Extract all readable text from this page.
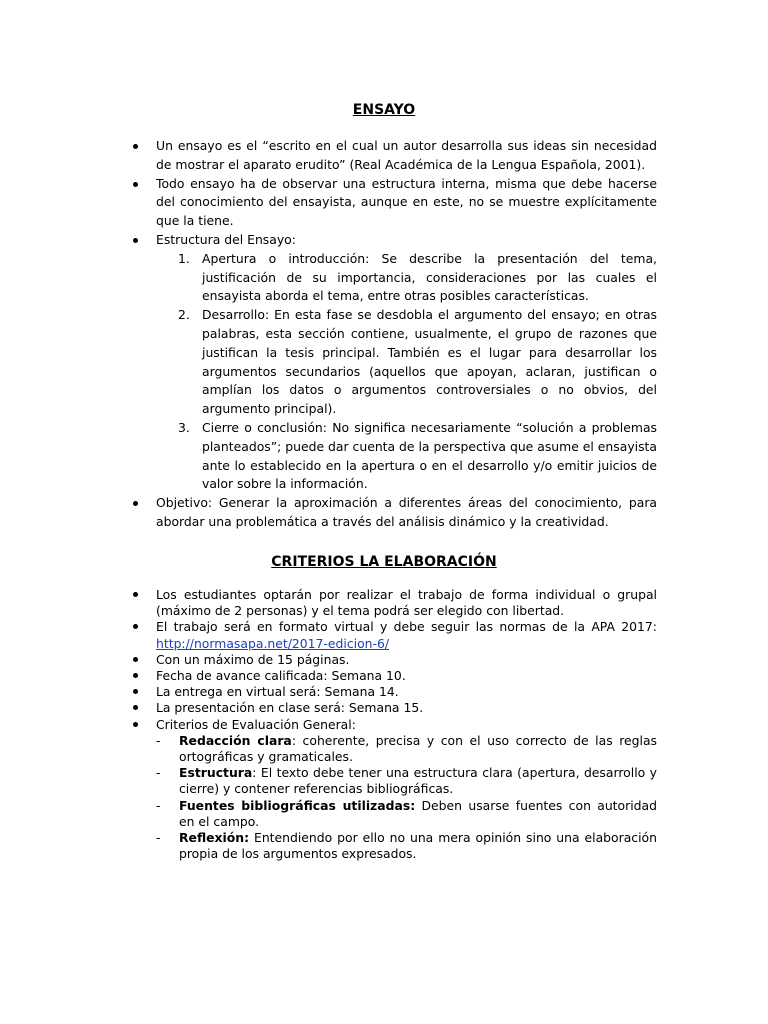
ENSAYO
Un ensayo es el “escrito en el cual un autor desarrolla sus ideas sin necesidad de mostrar el aparato erudito” (Real Académica de la Lengua Española, 2001).
Todo ensayo ha de observar una estructura interna, misma que debe hacerse del conocimiento del ensayista, aunque en este, no se muestre explícitamente que la tiene.
Estructura del Ensayo:
1. Apertura o introducción: Se describe la presentación del tema, justificación de su importancia, consideraciones por las cuales el ensayista aborda el tema, entre otras posibles características.
2. Desarrollo: En esta fase se desdobla el argumento del ensayo; en otras palabras, esta sección contiene, usualmente, el grupo de razones que justifican la tesis principal. También es el lugar para desarrollar los argumentos secundarios (aquellos que apoyan, aclaran, justifican o amplían los datos o argumentos controversiales o no obvios, del argumento principal).
3. Cierre o conclusión: No significa necesariamente “solución a problemas planteados”; puede dar cuenta de la perspectiva que asume el ensayista ante lo establecido en la apertura o en el desarrollo y/o emitir juicios de valor sobre la información.
Objetivo: Generar la aproximación a diferentes áreas del conocimiento, para abordar una problemática a través del análisis dinámico y la creatividad.
CRITERIOS LA ELABORACIÓN
Los estudiantes optarán por realizar el trabajo de forma individual o grupal (máximo de 2 personas) y el tema podrá ser elegido con libertad.
El trabajo será en formato virtual y debe seguir las normas de la APA 2017: http://normasapa.net/2017-edicion-6/
Con un máximo de 15 páginas.
Fecha de avance calificada: Semana 10.
La entrega en virtual será: Semana 14.
La presentación en clase será: Semana 15.
Criterios de Evaluación General:
- Redacción clara: coherente, precisa y con el uso correcto de las reglas ortográficas y gramaticales.
- Estructura: El texto debe tener una estructura clara (apertura, desarrollo y cierre) y contener referencias bibliográficas.
- Fuentes bibliográficas utilizadas: Deben usarse fuentes con autoridad en el campo.
- Reflexión: Entendiendo por ello no una mera opinión sino una elaboración propia de los argumentos expresados.
